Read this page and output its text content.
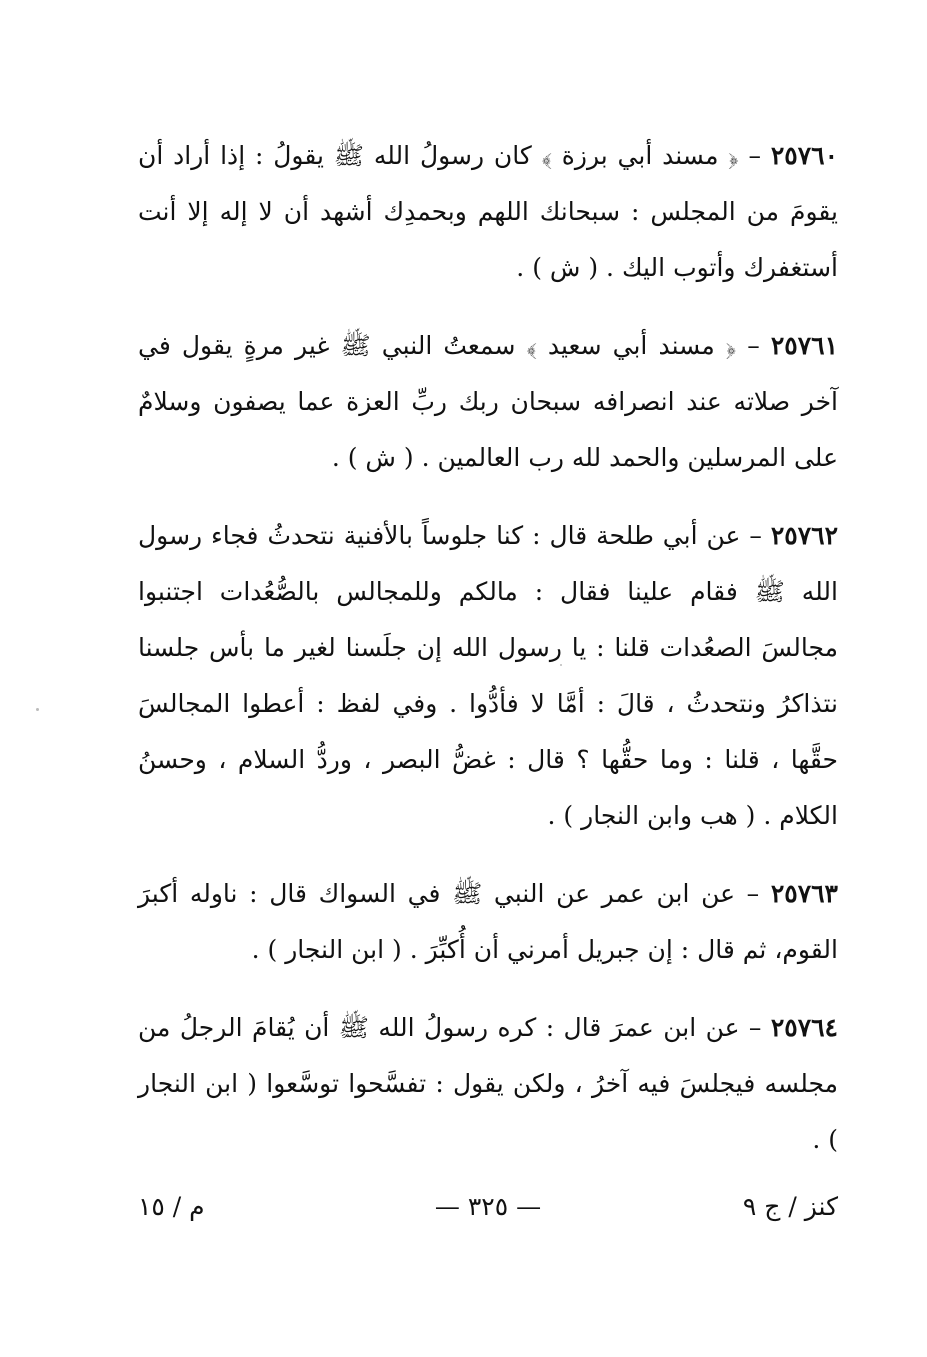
٢٥٧٦٠ – ﴿ مسند أبي برزة ﴾ كان رسولُ الله ﷺ يقولُ : إذا أراد أن يقومَ من المجلس : سبحانك اللهم وبحمدِك أشهد أن لا إله إلا أنت أستغفرك وأتوب اليك . ( ش ) .

٢٥٧٦١ – ﴿ مسند أبي سعيد ﴾ سمعتُ النبي ﷺ غير مرةٍ يقول في آخر صلاته عند انصرافه سبحان ربك ربِّ العزة عما يصفون وسلامٌ على المرسلين والحمد لله رب العالمين . ( ش ) .

٢٥٧٦٢ – عن أبي طلحة قال : كنا جلوساً بالأفنية نتحدثُ فجاء رسول الله ﷺ فقام علينا فقال : مالكم وللمجالس بالصُّعُدات اجتنبوا مجالسَ الصعُدات قلنا : يا رسول الله إن جلَسنا لغير ما بأس جلسنا نتذاكرُ ونتحدثُ ، قالَ : أمَّا لا فأدُّوا . وفي لفظ : أعطوا المجالسَ حقَّها ، قلنا : وما حقُّها ؟ قال : غضُّ البصر ، وردُّ السلام ، وحسنُ الكلام . ( هب وابن النجار ) .

٢٥٧٦٣ – عن ابن عمر عن النبي ﷺ في السواك قال : ناوله أكبرَ القوم، ثم قال : إن جبريل أمرني أن أُكبِّرَ . ( ابن النجار ) .

٢٥٧٦٤ – عن ابن عمرَ قال : كره رسولُ الله ﷺ أن يُقامَ الرجلُ من مجلسه فيجلسَ فيه آخرُ ، ولكن يقول : تفسَّحوا توسَّعوا ( ابن النجار ) .

كنز / ج ٩
— ٣٢٥ —
م / ١٥
